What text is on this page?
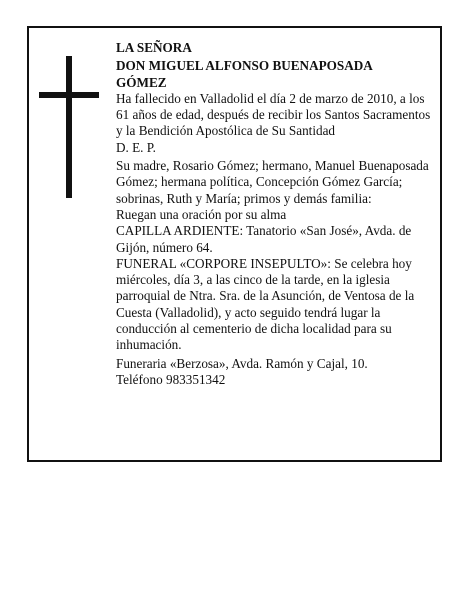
LA SEÑORA

DON MIGUEL ALFONSO BUENAPOSADA

GÓMEZ

Ha fallecido en Valladolid el día 2 de marzo de 2010, a los 61 años de edad, después de recibir los Santos Sacramentos y la Bendición Apostólica de Su Santidad

D. E. P.

Su madre, Rosario Gómez; hermano, Manuel Buenaposada Gómez; hermana política, Concepción Gómez García; sobrinas, Ruth y María; primos y demás familia:

Ruegan una oración por su alma

CAPILLA ARDIENTE: Tanatorio «San José», Avda. de Gijón, número 64.

FUNERAL «CORPORE INSEPULTO»: Se celebra hoy miércoles, día 3, a las cinco de la tarde, en la iglesia parroquial de Ntra. Sra. de la Asunción, de Ventosa de la Cuesta (Valladolid), y acto seguido tendrá lugar la conducción al cementerio de dicha localidad para su inhumación.

Funeraria «Berzosa», Avda. Ramón y Cajal, 10.

Teléfono 983351342
